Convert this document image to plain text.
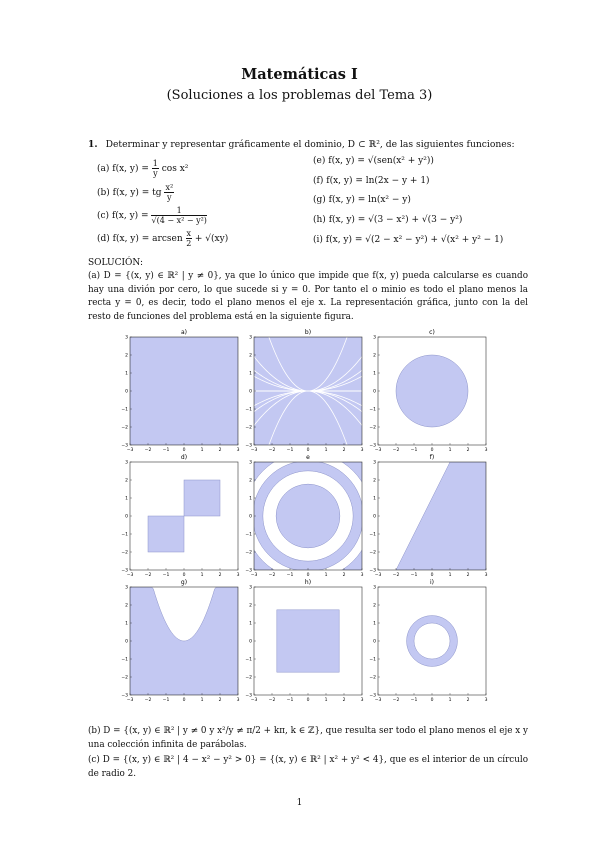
Matemáticas I
(Soluciones a los problemas del Tema 3)
1. Determinar y representar gráficamente el dominio, D ⊂ ℝ², de las siguientes funciones:
(a) f(x, $y) = \frac{1}{y}$ cos x²
(b) f(x, y) = tg $\frac{\text{x²}}{y}$
(c) f(x, $y) = \frac{1}{\text{√(4 − x² − y²)}}$
(d) f(x, y) = arcsen $\frac{x}{2} + √(xy)$
(e) f(x, y) = √(sen(x² + y²))
(f) f(x, y) = ln(2x − y + 1)
(g) f(x, y) = ln(x² − y)
(h) f(x, y) = √(3 − x²) + √(3 − y²)
(i) f(x, y) = √(2 − x² − y²) + √(x² + y² − 1)
SOLUCIÓN:
(a) D = {(x, y) ∈ ℝ² | y ≠ 0}, ya que lo único que impide que f(x, y) pueda calcularse es cuando hay una divión por cero, lo que sucede si y = 0. Por tanto el o minio es todo el plano menos la recta y = 0, es decir, todo el plano menos el eje x. La representación gráfica, junto con la del resto de funciones del problema está en la siguiente figura.
a)
−3
−3
−2
−2
−1
−1
0
0
1
1
2
2
3
3
b)
−3
−3
−2
−2
−1
−1
0
0
1
1
2
2
3
3
c)
−3
−3
−2
−2
−1
−1
0
0
1
1
2
2
3
3
d)
−3
−3
−2
−2
−1
−1
0
0
1
1
2
2
3
3
e
−3
−3
−2
−2
−1
−1
0
0
1
1
2
2
3
3
f)
−3
−3
−2
−2
−1
−1
0
0
1
1
2
2
3
3
g)
−3
−3
−2
−2
−1
−1
0
0
1
1
2
2
3
3
h)
−3
−3
−2
−2
−1
−1
0
0
1
1
2
2
3
3
i)
−3
−3
−2
−2
−1
−1
0
0
1
1
2
2
3
3
(b) D = {(x, y) ∈ ℝ² | y ≠ 0 y x²/y ≠ π/2 + kπ, k ∈ ℤ}, que resulta ser todo el plano menos el eje x y una colección infinita de parábolas.
(c) D = {(x, y) ∈ ℝ² | 4 − x² − y² > 0} = {(x, y) ∈ ℝ² | x² + y² < 4}, que es el interior de un círculo de radio 2.
1
